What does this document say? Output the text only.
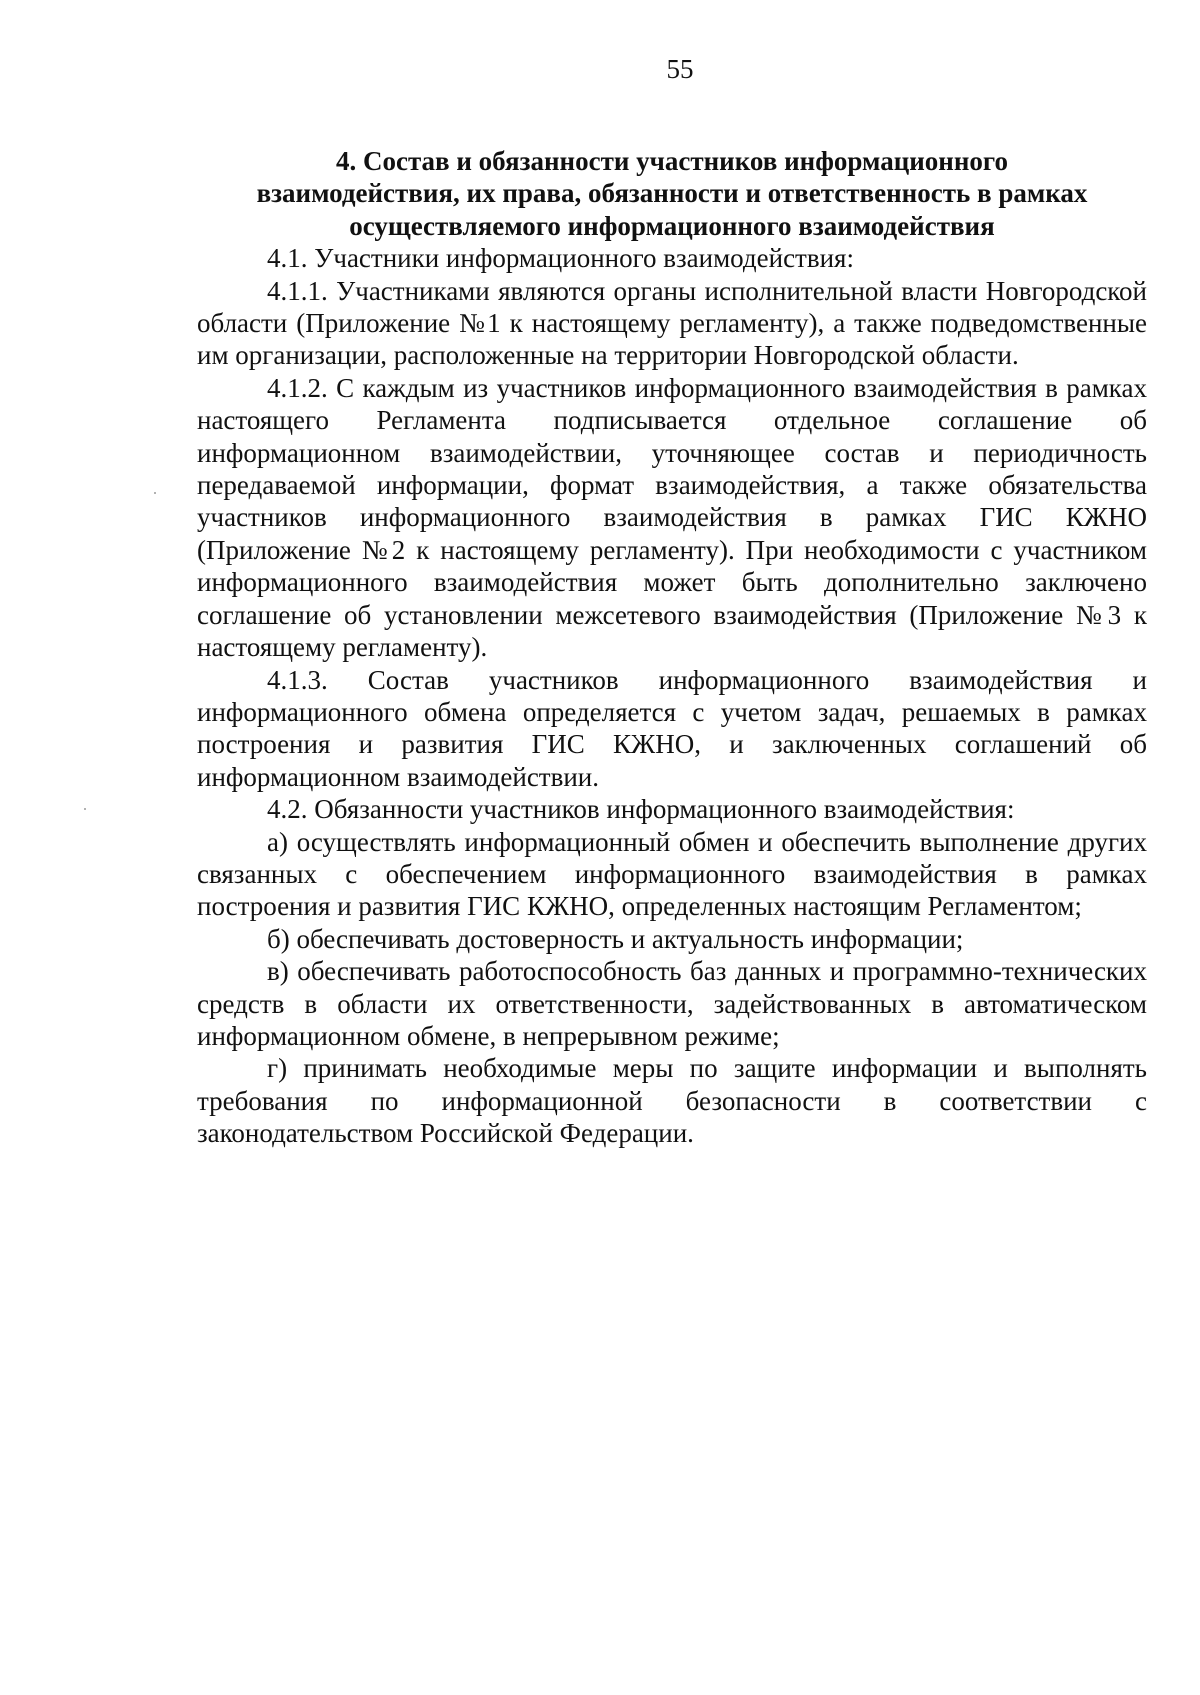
55
4. Состав и обязанности участников информационного
взаимодействия, их права, обязанности и ответственность в рамках
осуществляемого информационного взаимодействия

4.1. Участники информационного взаимодействия:

4.1.1. Участниками являются органы исполнительной власти Новгородской области (Приложение №1 к настоящему регламенту), а также подведомственные им организации, расположенные на территории Новгородской области.

4.1.2. С каждым из участников информационного взаимодействия в рамках настоящего Регламента подписывается отдельное соглашение об информационном взаимодействии, уточняющее состав и периодичность передаваемой информации, формат взаимодействия, а также обязательства участников информационного взаимодействия в рамках ГИС КЖНО (Приложение №2 к настоящему регламенту). При необходимости с участником информационного взаимодействия может быть дополнительно заключено соглашение об установлении межсетевого взаимодействия (Приложение №3 к настоящему регламенту).

4.1.3. Состав участников информационного взаимодействия и информационного обмена определяется с учетом задач, решаемых в рамках построения и развития ГИС КЖНО, и заключенных соглашений об информационном взаимодействии.

4.2. Обязанности участников информационного взаимодействия:

а) осуществлять информационный обмен и обеспечить выполнение других связанных с обеспечением информационного взаимодействия в рамках построения и развития ГИС КЖНО, определенных настоящим Регламентом;

б) обеспечивать достоверность и актуальность информации;

в) обеспечивать работоспособность баз данных и программно-технических средств в области их ответственности, задействованных в автоматическом информационном обмене, в непрерывном режиме;

г) принимать необходимые меры по защите информации и выполнять требования по информационной безопасности в соответствии с законодательством Российской Федерации.
